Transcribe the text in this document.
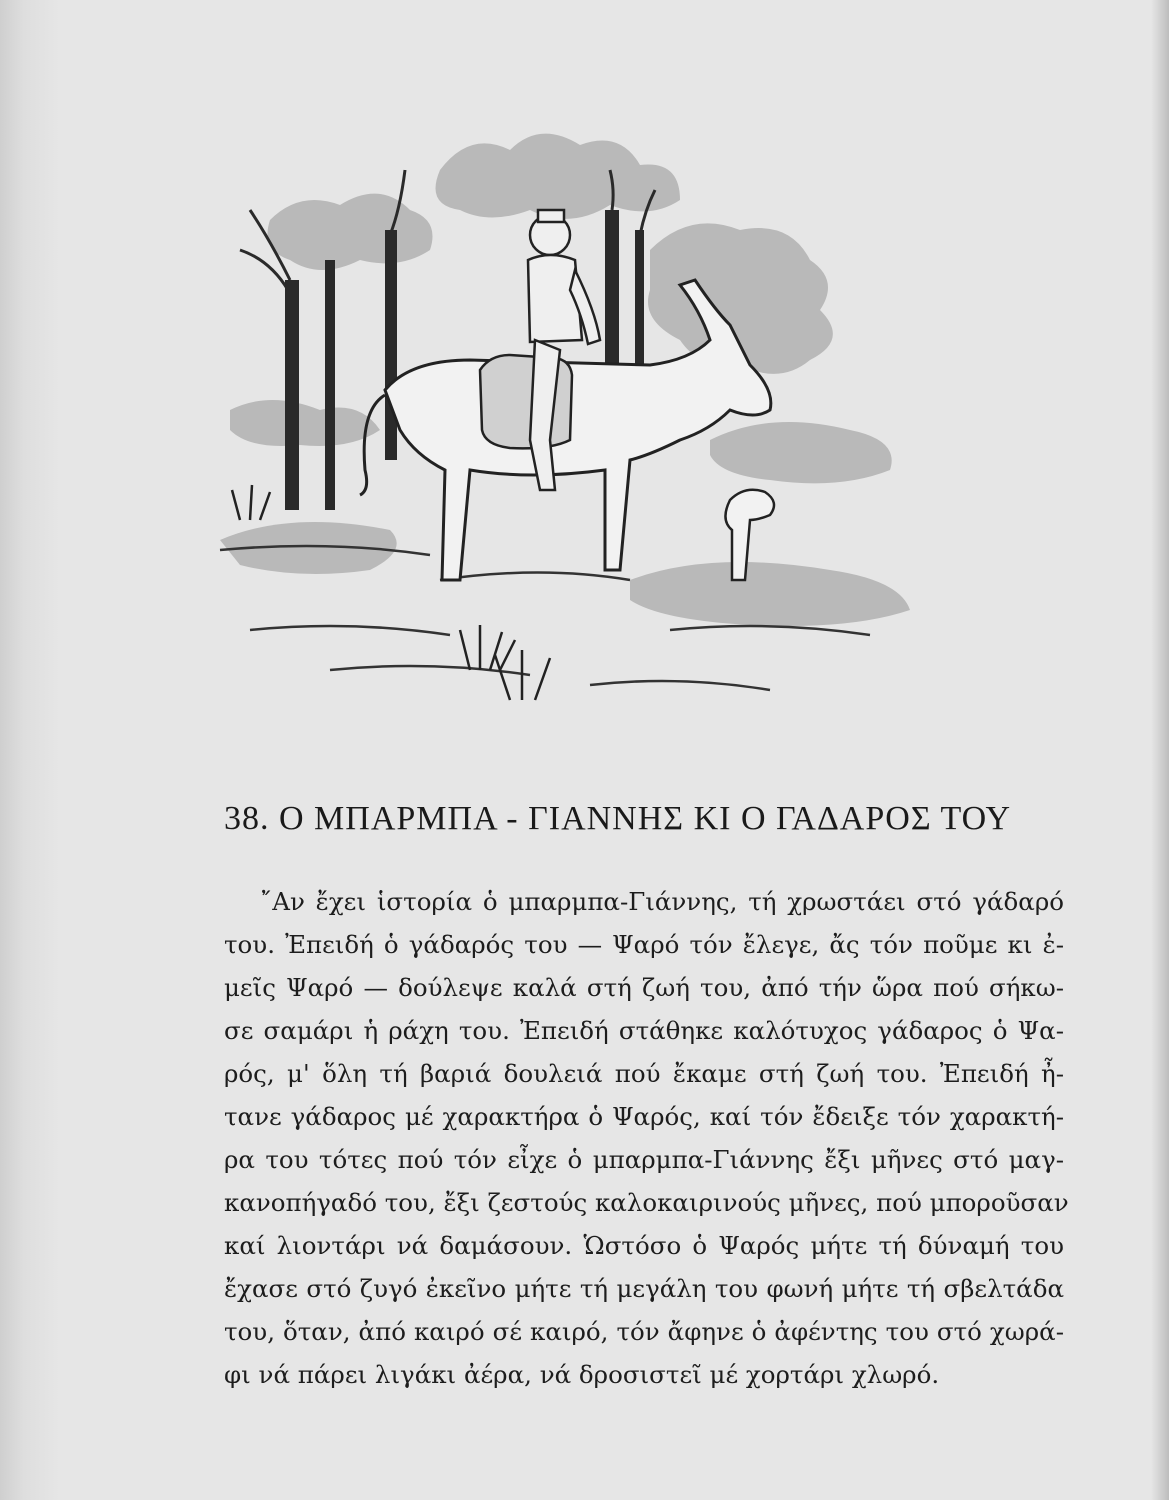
38. Ο ΜΠΑΡΜΠΑ - ΓΙΑΝΝΗΣ ΚΙ Ο ΓΑΔΑΡΟΣ ΤΟΥ
῎Αν ἔχει ἱστορία ὁ μπαρμπα-Γιάννης, τή χρωστάει στό γάδαρό
του. Ἐπειδή ὁ γάδαρός του — Ψαρό τόν ἔλεγε, ἄς τόν ποῦμε κι ἐ-
μεῖς Ψαρό — δούλεψε καλά στή ζωή του, ἀπό τήν ὥρα πού σήκω-
σε σαμάρι ἡ ράχη του. Ἐπειδή στάθηκε καλότυχος γάδαρος ὁ Ψα-
ρός, μ' ὅλη τή βαριά δουλειά πού ἔκαμε στή ζωή του. Ἐπειδή ἦ-
τανε γάδαρος μέ χαρακτήρα ὁ Ψαρός, καί τόν ἔδειξε τόν χαρακτή-
ρα του τότες πού τόν εἶχε ὁ μπαρμπα-Γιάννης ἔξι μῆνες στό μαγ-
κανοπήγαδό του, ἔξι ζεστούς καλοκαιρινούς μῆνες, πού μποροῦσαν
καί λιοντάρι νά δαμάσουν. Ὡστόσο ὁ Ψαρός μήτε τή δύναμή του
ἔχασε στό ζυγό ἐκεῖνο μήτε τή μεγάλη του φωνή μήτε τή σβελτάδα
του, ὅταν, ἀπό καιρό σέ καιρό, τόν ἄφηνε ὁ ἀφέντης του στό χωρά-
φι νά πάρει λιγάκι ἀέρα, νά δροσιστεῖ μέ χορτάρι χλωρό.
